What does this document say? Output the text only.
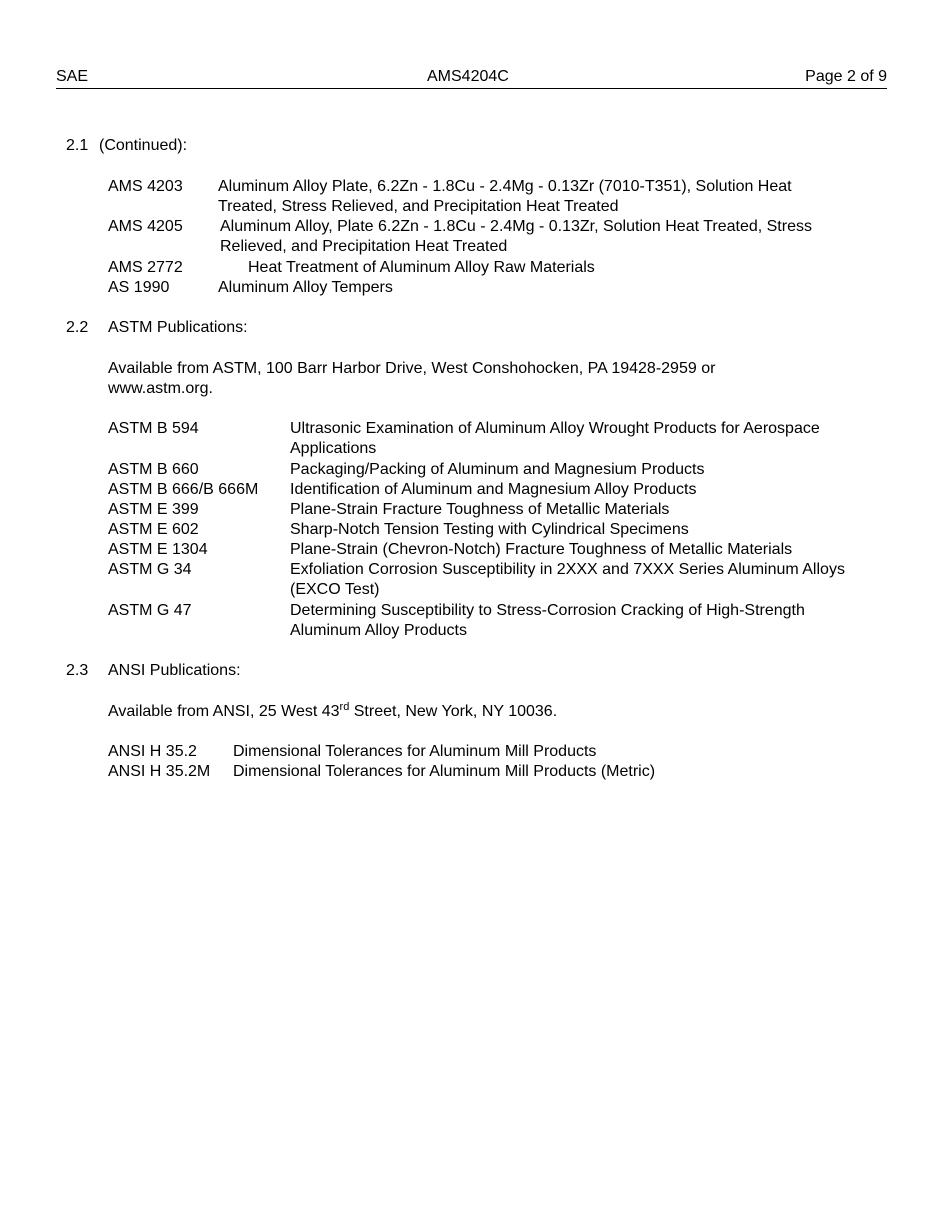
SAE	AMS4204C	Page 2 of 9
2.1 (Continued):
AMS 4203 Aluminum Alloy Plate, 6.2Zn - 1.8Cu - 2.4Mg - 0.13Zr (7010-T351), Solution Heat Treated, Stress Relieved, and Precipitation Heat Treated
AMS 4205 Aluminum Alloy, Plate 6.2Zn - 1.8Cu - 2.4Mg - 0.13Zr, Solution Heat Treated, Stress Relieved, and Precipitation Heat Treated
AMS 2772	Heat Treatment of Aluminum Alloy Raw Materials
AS 1990	Aluminum Alloy Tempers
2.2 ASTM Publications:
Available from ASTM, 100 Barr Harbor Drive, West Conshohocken, PA 19428-2959 or
www.astm.org.
ASTM B 594	Ultrasonic Examination of Aluminum Alloy Wrought Products for Aerospace Applications
ASTM B 660	Packaging/Packing of Aluminum and Magnesium Products
ASTM B 666/B 666M Identification of Aluminum and Magnesium Alloy Products
ASTM E 399	Plane-Strain Fracture Toughness of Metallic Materials
ASTM E 602	Sharp-Notch Tension Testing with Cylindrical Specimens
ASTM E 1304	Plane-Strain (Chevron-Notch) Fracture Toughness of Metallic Materials
ASTM G 34	Exfoliation Corrosion Susceptibility in 2XXX and 7XXX Series Aluminum Alloys (EXCO Test)
ASTM G 47	Determining Susceptibility to Stress-Corrosion Cracking of High-Strength Aluminum Alloy Products
2.3 ANSI Publications:
Available from ANSI, 25 West 43rd Street, New York, NY 10036.
ANSI H 35.2 Dimensional Tolerances for Aluminum Mill Products
ANSI H 35.2M Dimensional Tolerances for Aluminum Mill Products (Metric)
